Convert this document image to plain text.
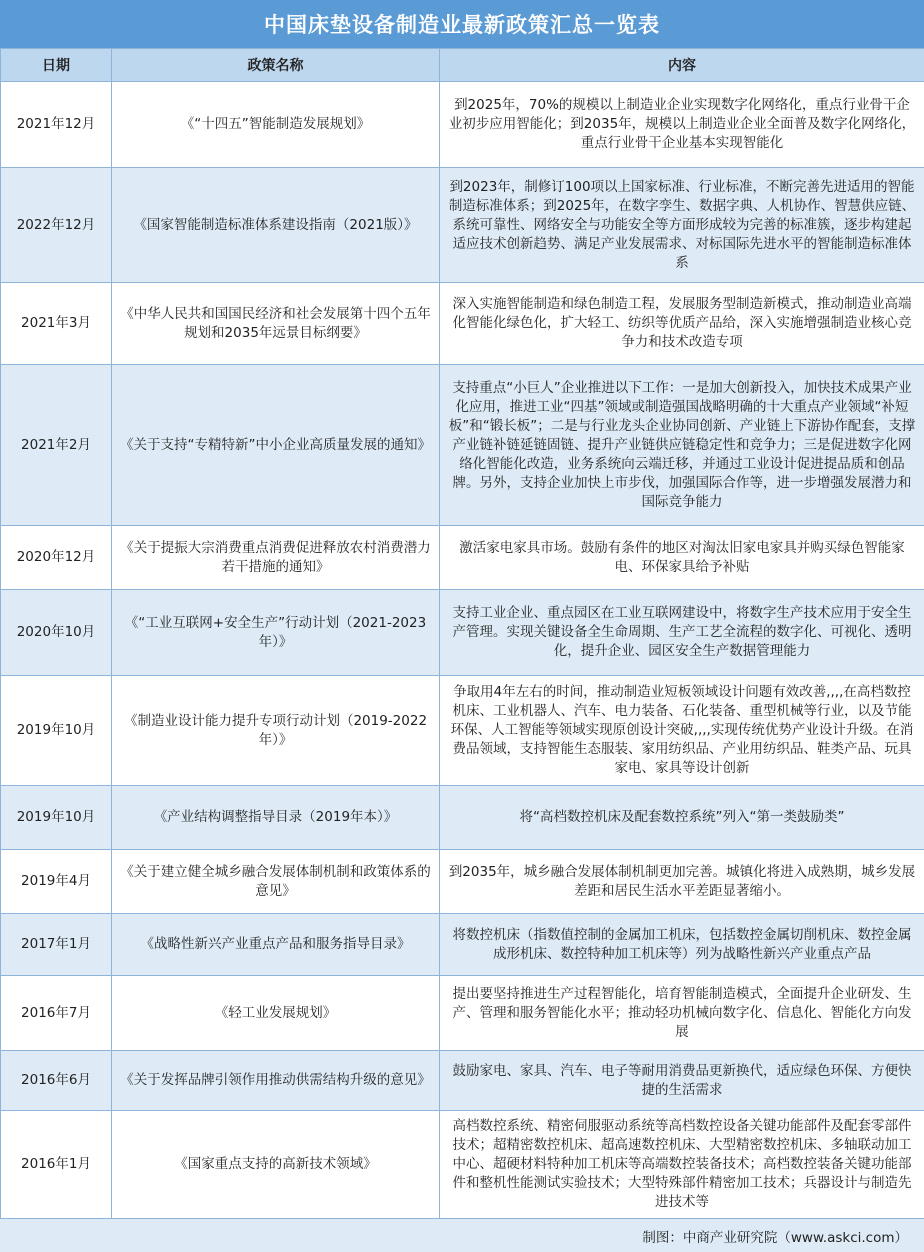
中国床垫设备制造业最新政策汇总一览表
日期	政策名称	内容
2021年12月	《“十四五”智能制造发展规划》	到2025年，70%的规模以上制造业企业实现数字化网络化，重点行业骨干企业初步应用智能化；到2035年，规模以上制造业企业全面普及数字化网络化，重点行业骨干企业基本实现智能化
2022年12月	《国家智能制造标准体系建设指南（2021版）》	到2023年，制修订100项以上国家标准、行业标准，不断完善先进适用的智能制造标准体系；到2025年，在数字孪生、数据字典、人机协作、智慧供应链、系统可靠性、网络安全与功能安全等方面形成较为完善的标准簇，逐步构建起适应技术创新趋势、满足产业发展需求、对标国际先进水平的智能制造标准体系
2021年3月	《中华人民共和国国民经济和社会发展第十四个五年规划和2035年远景目标纲要》	深入实施智能制造和绿色制造工程，发展服务型制造新模式，推动制造业高端化智能化绿色化，扩大轻工、纺织等优质产品给，深入实施增强制造业核心竞争力和技术改造专项
2021年2月	《关于支持“专精特新”中小企业高质量发展的通知》	支持重点“小巨人”企业推进以下工作：一是加大创新投入，加快技术成果产业化应用，推进工业“四基”领域或制造强国战略明确的十大重点产业领域“补短板”和“锻长板”；二是与行业龙头企业协同创新、产业链上下游协作配套，支撑产业链补链延链固链、提升产业链供应链稳定性和竞争力；三是促进数字化网络化智能化改造，业务系统向云端迁移，并通过工业设计促进提品质和创品牌。另外，支持企业加快上市步伐，加强国际合作等，进一步增强发展潜力和国际竞争能力
2020年12月	《关于提振大宗消费重点消费促进释放农村消费潜力若干措施的通知》	激活家电家具市场。鼓励有条件的地区对淘汰旧家电家具并购买绿色智能家电、环保家具给予补贴
2020年10月	《“工业互联网+安全生产”行动计划（2021-2023年）》	支持工业企业、重点园区在工业互联网建设中，将数字生产技术应用于安全生产管理。实现关键设备全生命周期、生产工艺全流程的数字化、可视化、透明化，提升企业、园区安全生产数据管理能力
2019年10月	《制造业设计能力提升专项行动计划（2019-2022年）》	争取用4年左右的时间，推动制造业短板领域设计问题有效改善,,,,在高档数控机床、工业机器人、汽车、电力装备、石化装备、重型机械等行业，以及节能环保、人工智能等领域实现原创设计突破,,,,实现传统优势产业设计升级。在消费品领域，支持智能生态服装、家用纺织品、产业用纺织品、鞋类产品、玩具家电、家具等设计创新
2019年10月	《产业结构调整指导目录（2019年本）》	将“高档数控机床及配套数控系统”列入“第一类鼓励类”
2019年4月	《关于建立健全城乡融合发展体制机制和政策体系的意见》	到2035年，城乡融合发展体制机制更加完善。城镇化将进入成熟期，城乡发展差距和居民生活水平差距显著缩小。
2017年1月	《战略性新兴产业重点产品和服务指导目录》	将数控机床（指数值控制的金属加工机床，包括数控金属切削机床、数控金属成形机床、数控特种加工机床等）列为战略性新兴产业重点产品
2016年7月	《轻工业发展规划》	提出要坚持推进生产过程智能化，培育智能制造模式，全面提升企业研发、生产、管理和服务智能化水平；推动轻功机械向数字化、信息化、智能化方向发展
2016年6月	《关于发挥品牌引领作用推动供需结构升级的意见》	鼓励家电、家具、汽车、电子等耐用消费品更新换代，适应绿色环保、方便快捷的生活需求
2016年1月	《国家重点支持的高新技术领域》	高档数控系统、精密伺服驱动系统等高档数控设备关键功能部件及配套零部件技术；超精密数控机床、超高速数控机床、大型精密数控机床、多轴联动加工中心、超硬材料特种加工机床等高端数控装备技术；高档数控装备关键功能部件和整机性能测试实验技术；大型特殊部件精密加工技术；兵器设计与制造先进技术等
制图：中商产业研究院（www.askci.com）
